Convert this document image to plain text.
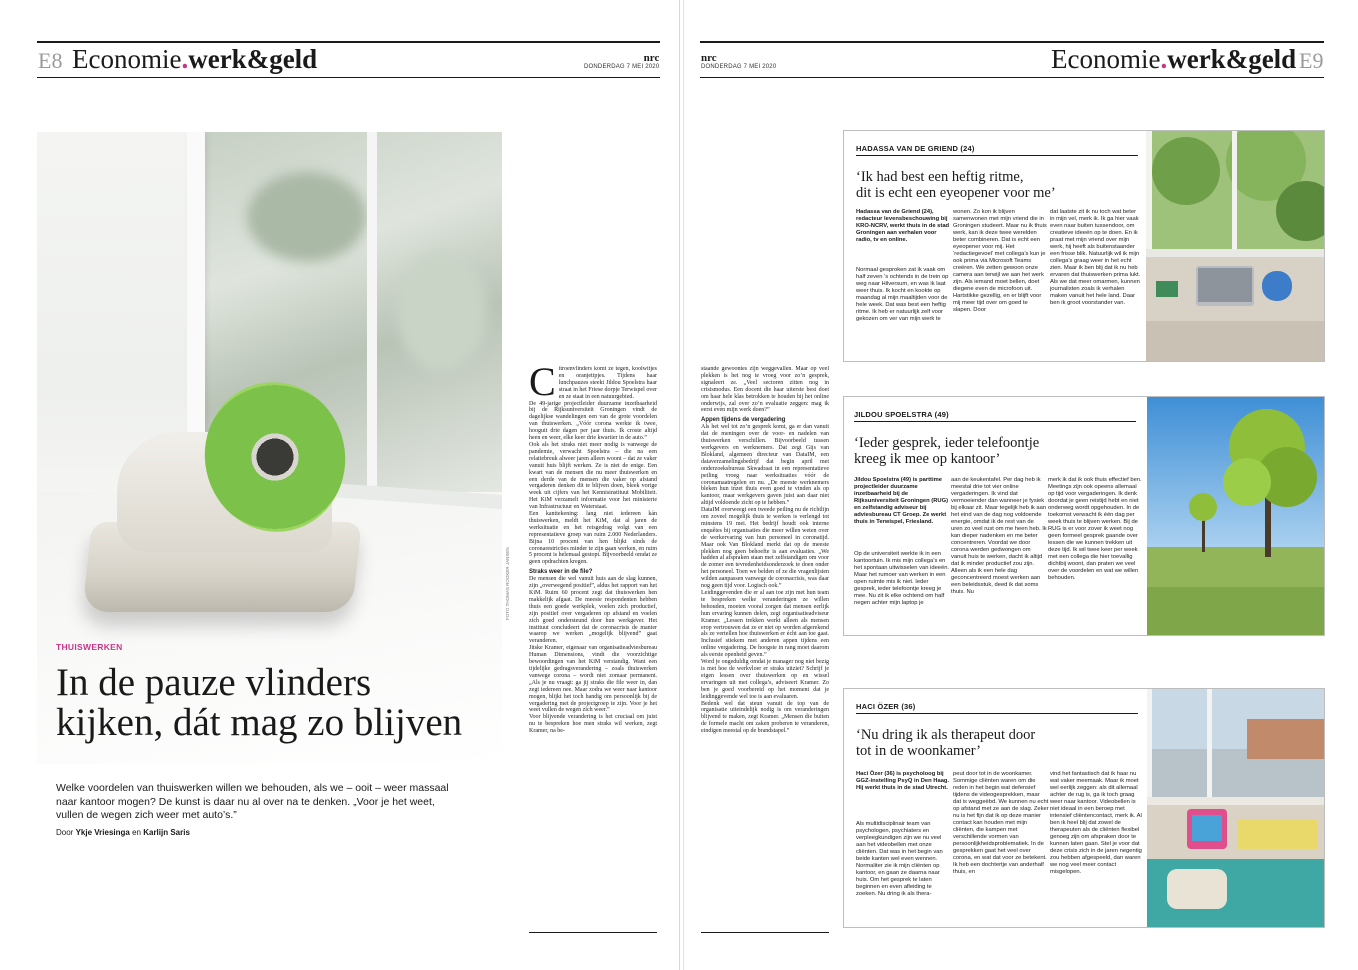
E8 Economie.werk&geld	nrc
DONDERDAG 7 MEI 2020
nrc
DONDERDAG 7 MEI 2020	Economie.werk&geld E9
FOTO THOMAS ROOKER JANSEN
THUISWERKEN
In de pauze vlinders
kijken, dát mag zo blijven
Welke voordelen van thuiswerken willen we behouden, als we – ooit – weer massaal naar kantoor mogen? De kunst is daar nu al over na te denken. „Voor je het weet, vullen de wegen zich weer met auto’s.”
Door Ykje Vriesinga en Karlijn Saris
C itroenvlinders komt ze tegen, koolwitjes en oranjetipjes. Tijdens haar lunchpauzes steekt Jildou Spoelstra haar straat in het Friese dorpje Terwispel over en ze staat in een natuurgebied.

De 49-jarige projectleider duurzame inzetbaarheid bij de Rijksuniversiteit Groningen vindt de dagelijkse wandelingen een van de grote voordelen van thuiswerken. „Vóór corona werkte ik twee, hooguit drie dagen per jaar thuis. Ik croste altijd heen en weer, elke keer drie kwartier in de auto.”

Ook als het straks niet meer nodig is vanwege de pandemie, verwacht Spoelstra – die na een relatiebreuk alweer jaren alleen woont – dat ze vaker vanuit huis blijft werken. Ze is niet de enige. Een kwart van de mensen die nu meer thuiswerken en een derde van de mensen die vaker op afstand vergaderen denken dit te blijven doen, bleek vorige week uit cijfers van het Kennisinstituut Mobiliteit. Het KiM verzamelt informatie voor het ministerie van Infrastructuur en Waterstaat.

Een kanttekening: lang niet iedereen kán thuiswerken, meldt het KiM, dat al jaren de werksituatie en het reisgedrag volgt van een representatieve groep van ruim 2.000 Nederlanders. Bijna 10 procent van hen blijkt sinds de coronarestricties minder te zijn gaan werken, en ruim 5 procent is helemaal gestopt. Bijvoorbeeld omdat ze geen opdrachten kregen.

Straks weer in de file?

De mensen die wel vanuit huis aan de slag kunnen, zijn „overwegend positief”, aldus het rapport van het KiM. Ruim 60 procent zegt dat thuiswerken hen makkelijk afgaat. De meeste respondenten hebben thuis een goede werkplek, voelen zich productief, zijn positief over vergaderen op afstand en voelen zich goed ondersteund door hun werkgever. Het instituut concludeert dat de coronacrisis de manier waarop we werken „mogelijk blijvend” gaat veranderen.

Jitske Kramer, eigenaar van organisatieadviesbureau Human Dimensions, vindt die voorzichtige bewoordingen van het KiM verstandig. Want een tijdelijke gedragsverandering – zoals thuiswerken vanwege corona – wordt niet zomaar permanent. „Als je nu vraagt: ga jij straks die file weer in, dan zegt iedereen nee. Maar zodra we weer naar kantoor mogen, blijkt het toch handig om persoonlijk bij de vergadering met de projectgroep te zijn. Voor je het weet vullen de wegen zich weer.”

Voor blijvende verandering is het cruciaal om juist nu te bespreken hoe men straks wil werken, zegt Kramer, na be-

staande gewoontes zijn weggevallen. Maar op veel plekken is het nog te vroeg voor zo’n gesprek, signaleert ze. „Veel sectoren zitten nog in crisismodus. Een docent die haar uiterste best doet om haar hele klas betrokken te houden bij het online onderwijs, zal over zo’n evaluatie zeggen: mag ik eerst even mijn werk doen?”

Appen tijdens de vergadering

Als het wel tot zo’n gesprek komt, ga er dan vanuit dat de meningen over de voor- en nadelen van thuiswerken verschillen. Bijvoorbeeld tussen werkgevers en werknemers. Dat zegt Gijs van Blokland, algemeen directeur van DataIM, een dataverzamelingsbedrijf dat begin april met onderzoeksbureau Skwadraat in een representatieve peiling vroeg naar werksituaties vóór de coronamaatregelen en nu. „De meeste werknemers bleken hun inzet thuis even goed te vinden als op kantoor, maar werkgevers gaven juist aan daar niet altijd voldoende zicht op te hebben.”

DataIM overweegt een tweede peiling nu de richtlijn om zoveel mogelijk thuis te werken is verlengd tot minstens 19 mei. Het bedrijf houdt ook interne enquêtes bij organisaties die meer willen weten over de werkervaring van hun personeel in coronatijd. Maar ook Van Blokland merkt dat op de meeste plekken nog geen behoefte is aan evaluaties. „We hadden al afspraken staan met zelfstandigen om voor de zomer een tevredenheidsonderzoek te doen onder het personeel. Toen we belden of ze die vragenlijsten wilden aanpassen vanwege de coronacrisis, was daar nog geen tijd voor. Logisch ook.”

Leidinggevenden die er al aan toe zijn met hun team te bespreken welke veranderingen ze willen behouden, moeten vooral zorgen dat mensen eerlijk hun ervaring kunnen delen, zegt organisatieadviseur Kramer. „Lessen trekken werkt alleen als mensen erop vertrouwen dat ze er niet op worden afgerekend als ze vertellen hoe thuiswerken er écht aan toe gaat. Inclusief stiekem met anderen appen tijdens een online vergadering. De hoogste in rang moet daarom als eerste openheid geven.”

Word je ongeduldig omdat je manager nog niet bezig is met hoe de werkvloer er straks uitziet? Schrijf je eigen lessen over thuiswerken op en wissel ervaringen uit met collega’s, adviseert Kramer. Zo ben je goed voorbereid op het moment dat je leidinggevende wel toe is aan evaluaren.

Bedenk wel dat steun vanuit de top van de organisatie uiteindelijk nodig is om veranderingen blijvend te maken, zegt Kramer. „Mensen die buiten de formele macht om zaken proberen te veranderen, eindigen meestal op de brandstapel.”

HADASSA VAN DE GRIEND (24)
‘Ik had best een heftig ritme,
dit is echt een eyeopener voor me’
Hadassa van de Griend (24), redacteur levensbeschouwing bij KRO-NCRV, werkt thuis in de stad Groningen aan verhalen voor radio, tv en online.
Normaal gesproken zat ik vaak om half zeven ’s ochtends in de trein op weg naar Hilversum, en was ik laat weer thuis. Ik kocht en kookte op maandag al mijn maaltijden voor de hele week. Dat was best een heftig ritme. Ik heb er natuurlijk zelf voor gekozen om ver van mijn werk te
wonen. Zo kon ik blijven samenwonen met mijn vriend die in Groningen studeert. Maar nu ik thuis werk, kan ik deze twee werelden beter combineren. Dat is echt een eyeopener voor mij. Het ‘redactiegevoel’ met collega’s kun je ook prima via Microsoft Teams creëren. We zetten gewoon onze camera aan terwijl we aan het werk zijn. Als iemand moet bellen, doet diegene even de microfoon uit. Hartstikke gezellig, en er blijft voor mij meer tijd over om goed te slapen. Door
dat laatste zit ik nu toch wat beter in mijn vel, merk ik. Ik ga hier vaak even naar buiten tussendoor, om creatieve ideeën op te doen. En ik praat met mijn vriend over mijn werk, hij heeft als buitenstaander een frisse blik. Natuurlijk wil ik mijn collega’s graag weer in het echt zien. Maar ik ben blij dat ik nu heb ervaren dat thuiswerken prima lukt. Als we dat meer omarmen, kunnen journalisten zoals ik verhalen maken vanuit het hele land. Daar ben ik groot voorstander van.
JILDOU SPOELSTRA (49)
‘Ieder gesprek, ieder telefoontje
kreeg ik mee op kantoor’
Jildou Spoelstra (49) is parttime projectleider duurzame inzetbaarheid bij de Rijksuniversiteit Groningen (RUG) en zelfstandig adviseur bij adviesbureau CT Groep. Ze werkt thuis in Terwispel, Friesland.
Op de universiteit werkte ik in een kantoortuin. Ik mis mijn collega’s en het spontaan uitwisselen van ideeën. Maar het rumoer van werken in een open ruimte mis ik niet. Ieder gesprek, ieder telefoontje kreeg je mee. Nu zit ik elke ochtend om half negen achter mijn laptop je
aan de keukentafel. Per dag heb ik meestal drie tot vier online vergaderingen. Ik vind dat vermoeiender dan wanneer je fysiek bij elkaar zit. Maar tegelijk heb ik aan het eind van de dag nog voldoende energie, omdat ik de rest van de uren zo veel rust om me heen heb. Ik kan dieper nadenken en me beter concentreren. Voordat we door corona werden gedwongen om vanuit huis te werken, dacht ik altijd dat ik minder productief zou zijn. Alleen als ik een hele dag geconcentreerd moest werken aan een beleidsstuk, deed ik dat soms thuis. Nu
merk ik dat ik ook thuis effectief ben. Meetings zijn ook opeens allemaal op tijd voor vergaderingen. Ik denk doordat je geen reistijd hebt en niet onderweg wordt opgehouden. In de toekomst verwacht ik één dag per week thuis te blijven werken. Bij de RUG is er voor zover ik weet nog geen formeel gesprek gaande over lessen die we kunnen trekken uit deze tijd. Ik wil twee keer per week met een collega die hier toevallig dichtbij woont, dan praten we veel over de voordelen en wat we willen behouden.
HACI ÖZER (36)
‘Nu dring ik als therapeut door
tot in de woonkamer’
Haci Özer (36) is psycholoog bij GGZ-instelling PsyQ in Den Haag. Hij werkt thuis in de stad Utrecht.
Als multidisciplinair team van psychologen, psychiaters en verpleegkundigen zijn we nu veel aan het videobellen met onze cliënten. Dat was in het begin van beide kanten wel even wennen. Normaliter zie ik mijn cliënten op kantoor, en gaan ze daarna naar huis. Om het gesprek te laten beginnen en even afleiding te zoeken. Nu dring ik als thera-
peut door tot in de woonkamer. Sommige cliënten waren om die reden in het begin wat defensief tijdens de videogesprekken, maar dat is weggeëbd. We kunnen nu echt op afstand met ze aan de slag. Zeker nu is het fijn dat ik op deze manier contact kan houden met mijn cliënten, die kampen met verschillende vormen van persoonlijkheidsproblematiek. In de gesprekken gaat het veel over corona, en wat dat voor ze betekent. Ik heb een dochtertje van anderhalf thuis, en
vind het fantastisch dat ik haar nu wat vaker meemaak. Maar ik moet wel eerlijk zeggen: als dit allemaal achter de rug is, ga ik toch graag weer naar kantoor. Videobellen is niet ideaal in een beroep met intensief cliëntencontact, merk ik. Al ben ik heel blij dat zowel de therapeuten als de cliënten flexibel genoeg zijn om afspraken door te kunnen laten gaan. Stel je voor dat deze crisis zich in de jaren negentig zou hebben afgespeeld, dan waren we nog veel meer contact misgelopen.
